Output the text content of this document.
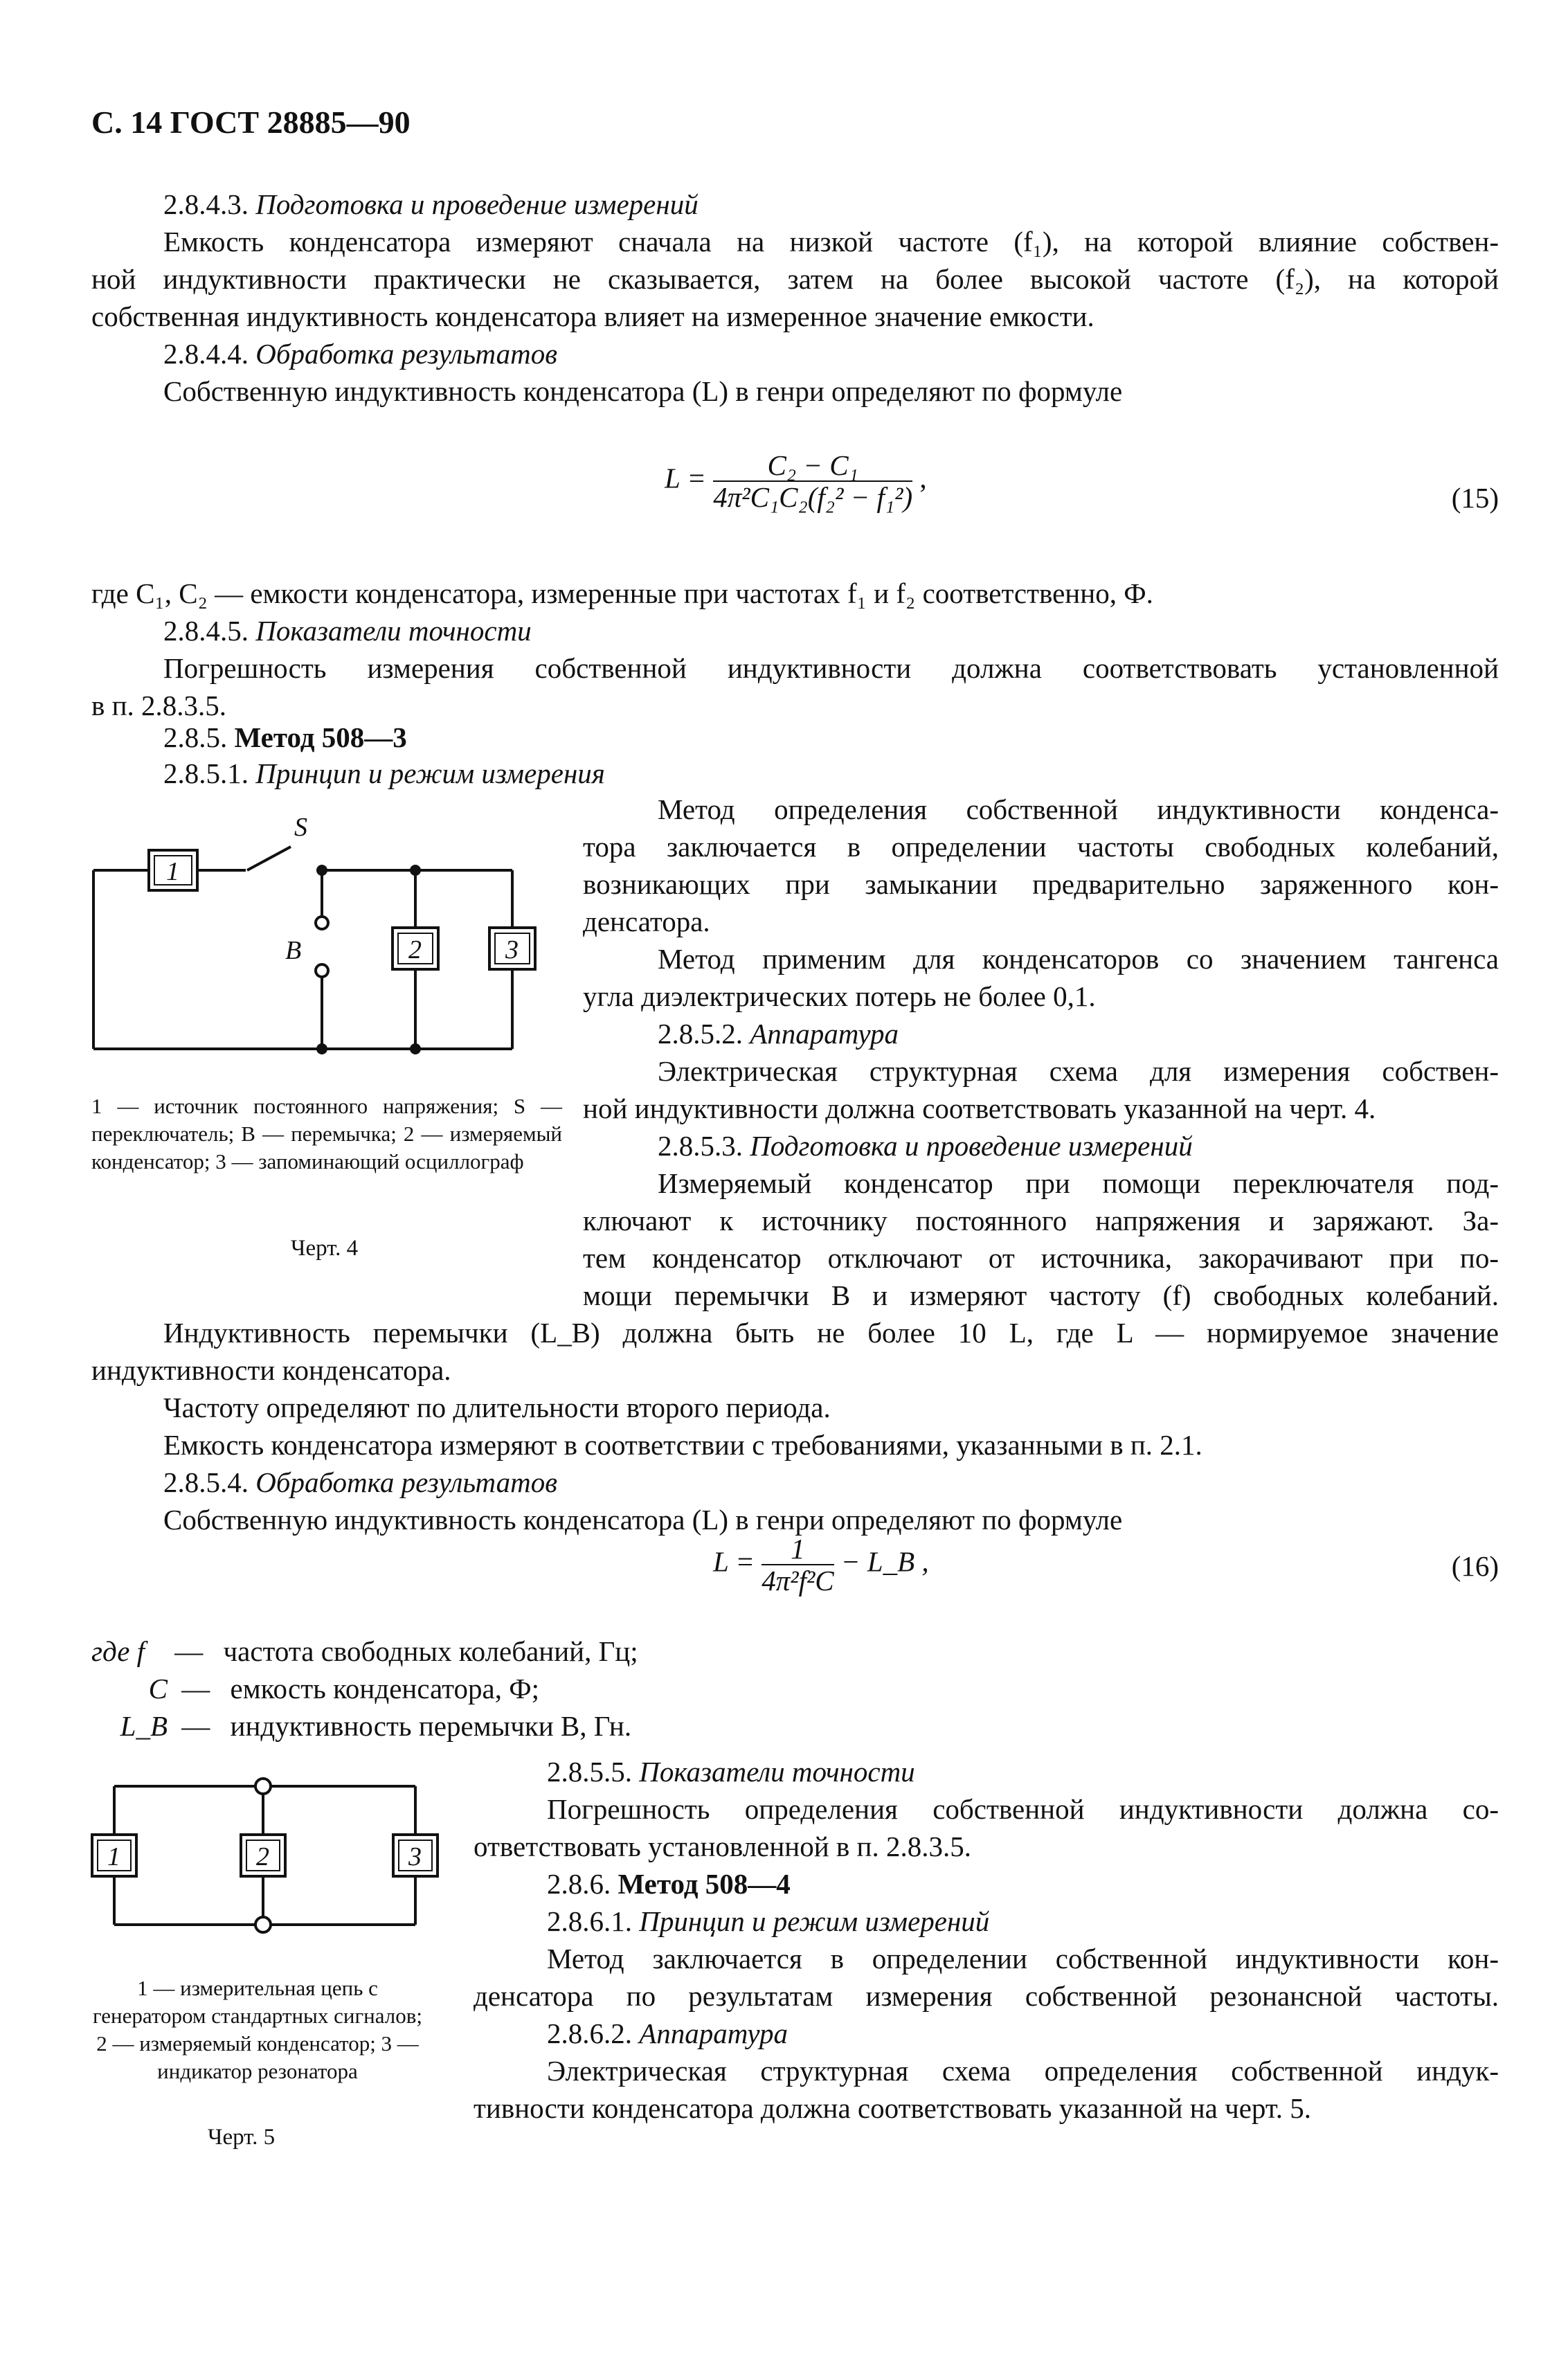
С. 14 ГОСТ 28885—90
2.8.4.3. Подготовка и проведение измерений
Емкость конденсатора измеряют сначала на низкой частоте (f₁), на которой влияние собствен-
ной индуктивности практически не сказывается, затем на более высокой частоте (f₂), на которой
собственная индуктивность конденсатора влияет на измеренное значение емкости.
2.8.4.4. Обработка результатов
Собственную индуктивность конденсатора (L) в генри определяют по формуле
$L = \frac{\text{C₂ − C₁}}{\text{4π²C₁C₂(f₂² − f₁²)}}$ ,
(15)
где C₁, C₂ — емкости конденсатора, измеренные при частотах f₁ и f₂ соответственно, Ф.
2.8.4.5. Показатели точности
Погрешность измерения собственной индуктивности должна соответствовать установленной
в п. 2.8.3.5.
2.8.5. Метод 508—3
2.8.5.1. Принцип и режим измерения
1
2	3
S
B
1 — источник постоянного напряжения; S — переключатель; B — перемычка; 2 — измеряемый конденсатор; 3 — запоминающий осциллограф
Черт. 4
Метод определения собственной индуктивности конденса-
тора заключается в определении частоты свободных колебаний,
возникающих при замыкании предварительно заряженного кон-
денсатора.
Метод применим для конденсаторов со значением тангенса
угла диэлектрических потерь не более 0,1.
2.8.5.2. Аппаратура
Электрическая структурная схема для измерения собствен-
ной индуктивности должна соответствовать указанной на черт. 4.
2.8.5.3. Подготовка и проведение измерений
Измеряемый конденсатор при помощи переключателя под-
ключают к источнику постоянного напряжения и заряжают. За-
тем конденсатор отключают от источника, закорачивают при по-
мощи перемычки B и измеряют частоту (f) свободных колебаний.
Индуктивность перемычки (L_B) должна быть не более 10 L, где L — нормируемое значение
индуктивности конденсатора.
Частоту определяют по длительности второго периода.
Емкость конденсатора измеряют в соответствии с требованиями, указанными в п. 2.1.
2.8.5.4. Обработка результатов
Собственную индуктивность конденсатора (L) в генри определяют по формуле
$L = \frac{1}{\text{4π²f²C}}$ − L_B ,	(16)
где f — частота свободных колебаний, Гц;
C — емкость конденсатора, Ф;
L_B — индуктивность перемычки B, Гн.
1	2	3
1 — измерительная цепь с генератором стандартных сигналов; 2 — измеряемый конденсатор; 3 — индикатор резонатора
Черт. 5
2.8.5.5. Показатели точности
Погрешность определения собственной индуктивности должна со-
ответствовать установленной в п. 2.8.3.5.
2.8.6. Метод 508—4
2.8.6.1. Принцип и режим измерений
Метод заключается в определении собственной индуктивности кон-
денсатора по результатам измерения собственной резонансной частоты.
2.8.6.2. Аппаратура
Электрическая структурная схема определения собственной индук-
тивности конденсатора должна соответствовать указанной на черт. 5.
